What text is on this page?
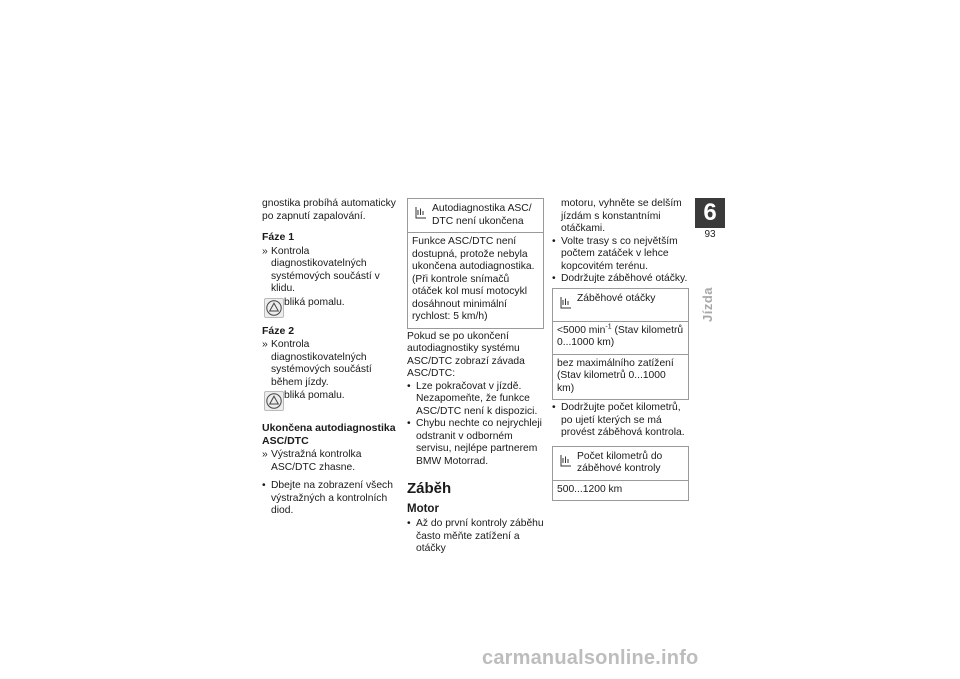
gnostika probíhá automaticky po zapnutí zapalování.

Fáze 1

» Kontrola diagnostikovatelných systémových součástí v klidu.

bliká pomalu.
Fáze 2

» Kontrola diagnostikovatelných systémových součástí během jízdy.

bliká pomalu.
Ukončena autodiagnostika ASC/DTC

» Výstražná kontrolka ASC/DTC zhasne.

• Dbejte na zobrazení všech výstražných a kontrolních diod.

Autodiagnostika ASC/ DTC není ukončena
Funkce ASC/DTC není dostupná, protože nebyla ukončena autodiagnostika. (Při kontrole snímačů otáček kol musí motocykl dosáhnout minimální rychlost: 5 km/h)

Pokud se po ukončení autodiagnostiky systému ASC/DTC zobrazí závada ASC/DTC:

• Lze pokračovat v jízdě. Nezapomeňte, že funkce ASC/DTC není k dispozici.

• Chybu nechte co nejrychleji odstranit v odborném servisu, nejlépe partnerem BMW Motorrad.

Záběh
Motor

• Až do první kontroly záběhu často měňte zatížení a otáčky

motoru, vyhněte se delším jízdám s konstantními otáčkami.

• Volte trasy s co největším počtem zatáček v lehce kopcovitém terénu.

• Dodržujte záběhové otáčky.

Záběhové otáčky
<5000 $\min^{-1}$ (Stav kilometrů 0...1000 km)
bez maximálního zatížení (Stav kilometrů 0...1000 km)

• Dodržujte počet kilometrů, po ujetí kterých se má provést záběhová kontrola.

Počet kilometrů do záběhové kontroly
500...1200 km
6
93
Jízda
carmanualsonline.info
